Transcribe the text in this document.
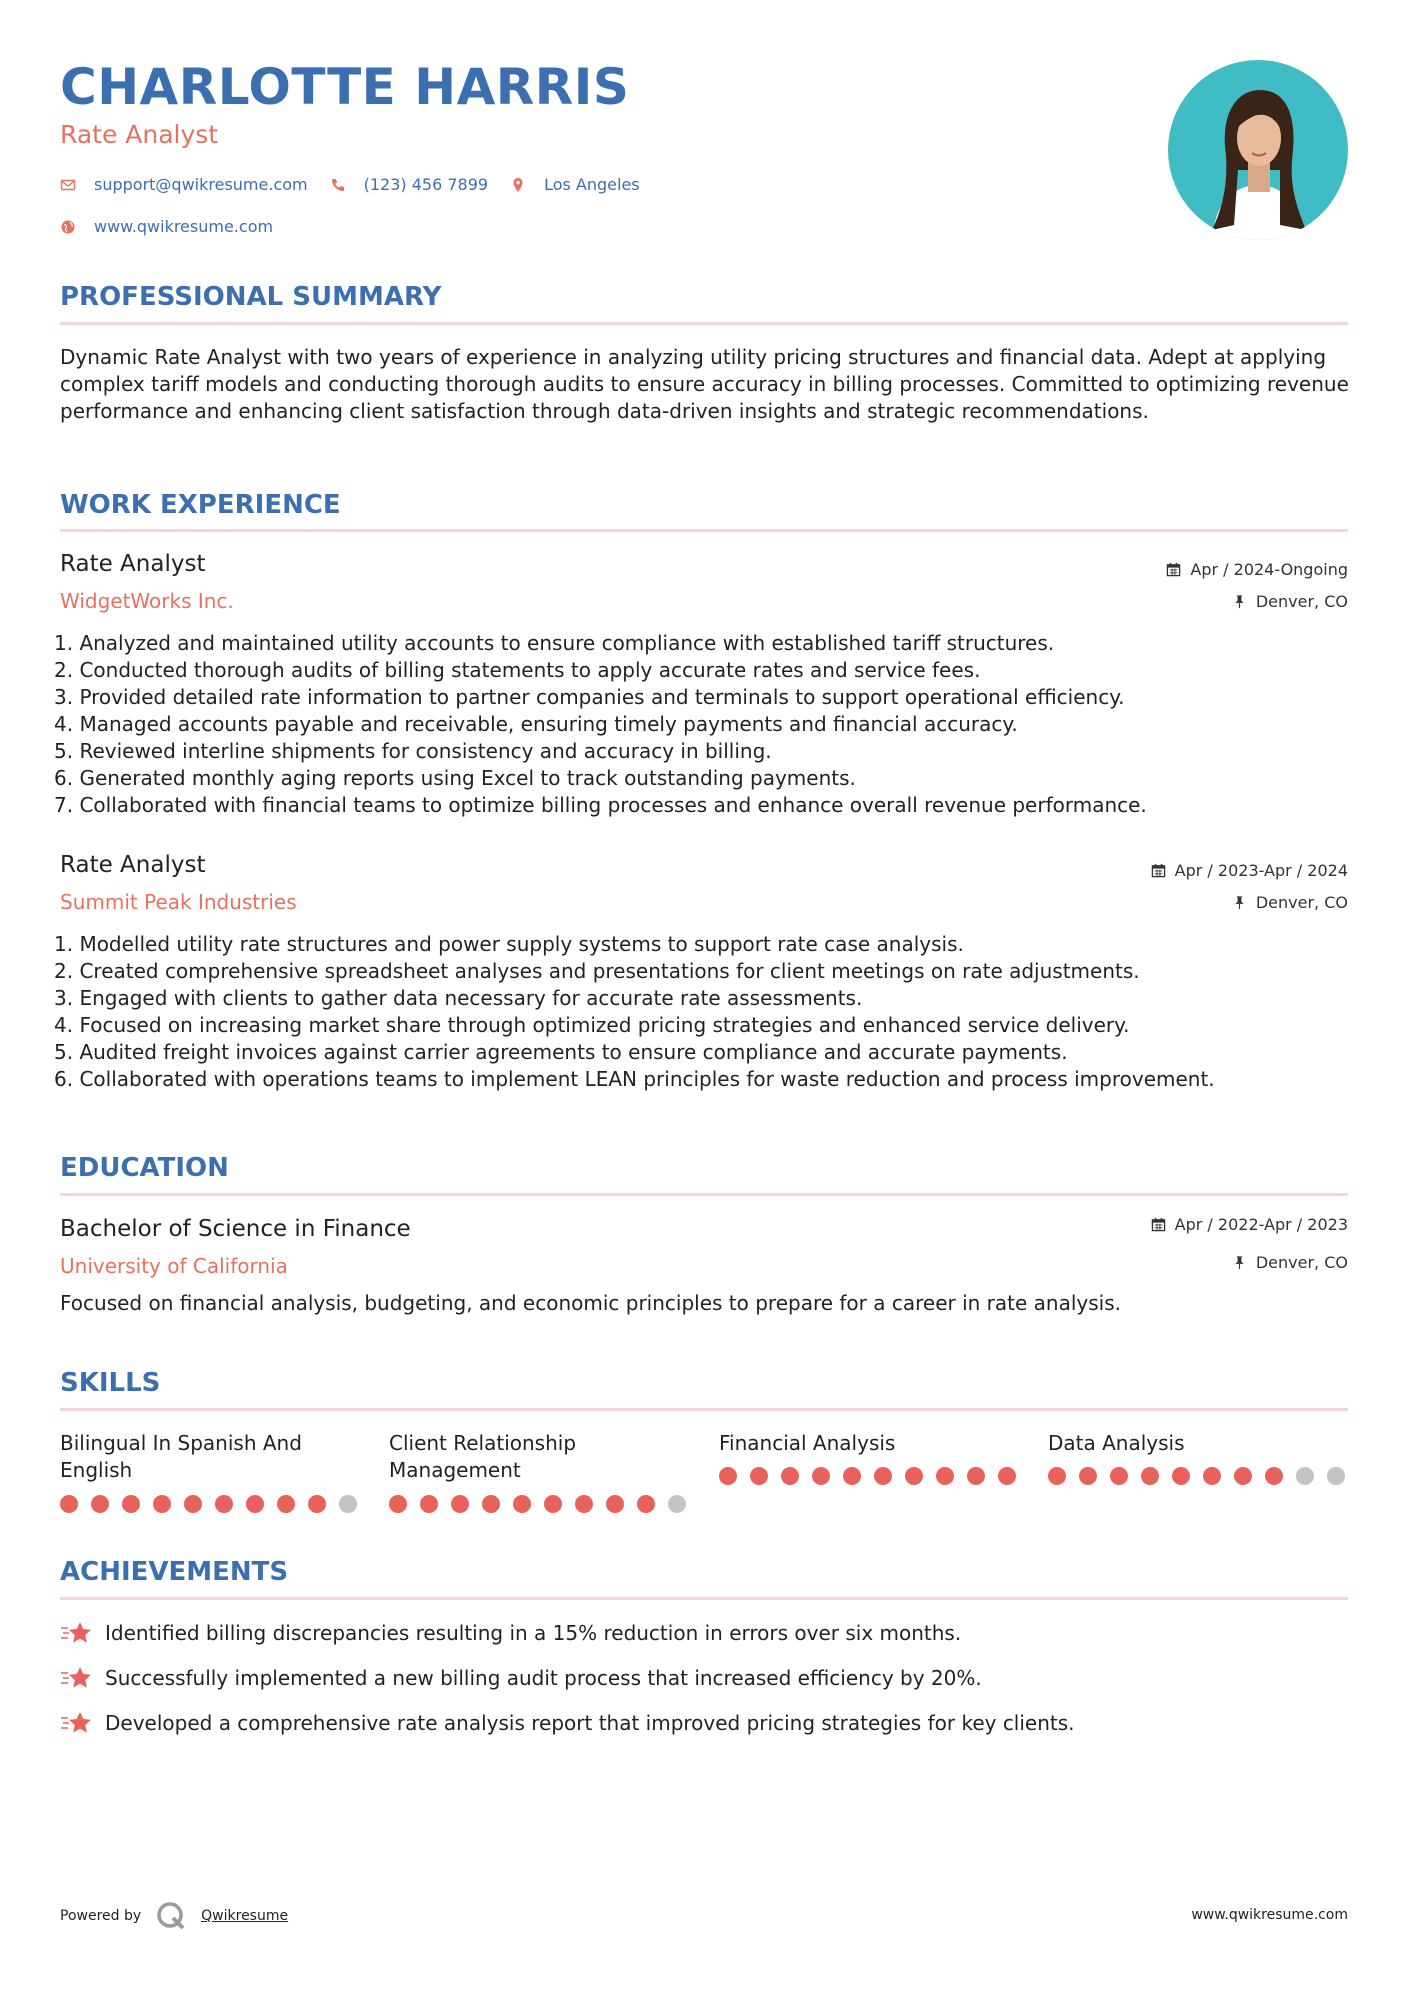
CHARLOTTE HARRIS
Rate Analyst
support@qwikresume.com	(123) 456 7899	Los Angeles
www.qwikresume.com
PROFESSIONAL SUMMARY
Dynamic Rate Analyst with two years of experience in analyzing utility pricing structures and financial data. Adept at applying complex tariff models and conducting thorough audits to ensure accuracy in billing processes. Committed to optimizing revenue performance and enhancing client satisfaction through data-driven insights and strategic recommendations.
WORK EXPERIENCE
Rate Analyst
WidgetWorks Inc.
Apr / 2024-Ongoing
Denver, CO
1. Analyzed and maintained utility accounts to ensure compliance with established tariff structures.
2. Conducted thorough audits of billing statements to apply accurate rates and service fees.
3. Provided detailed rate information to partner companies and terminals to support operational efficiency.
4. Managed accounts payable and receivable, ensuring timely payments and financial accuracy.
5. Reviewed interline shipments for consistency and accuracy in billing.
6. Generated monthly aging reports using Excel to track outstanding payments.
7. Collaborated with financial teams to optimize billing processes and enhance overall revenue performance.
Rate Analyst
Summit Peak Industries
Apr / 2023-Apr / 2024
Denver, CO
1. Modelled utility rate structures and power supply systems to support rate case analysis.
2. Created comprehensive spreadsheet analyses and presentations for client meetings on rate adjustments.
3. Engaged with clients to gather data necessary for accurate rate assessments.
4. Focused on increasing market share through optimized pricing strategies and enhanced service delivery.
5. Audited freight invoices against carrier agreements to ensure compliance and accurate payments.
6. Collaborated with operations teams to implement LEAN principles for waste reduction and process improvement.
EDUCATION
Bachelor of Science in Finance
University of California
Apr / 2022-Apr / 2023
Denver, CO
Focused on financial analysis, budgeting, and economic principles to prepare for a career in rate analysis.
SKILLS
Bilingual In Spanish And English
Client Relationship Management
Financial Analysis	Data Analysis
ACHIEVEMENTS
Identified billing discrepancies resulting in a 15% reduction in errors over six months.
Successfully implemented a new billing audit process that increased efficiency by 20%.
Developed a comprehensive rate analysis report that improved pricing strategies for key clients.
Powered by	Qwikresume	www.qwikresume.com
